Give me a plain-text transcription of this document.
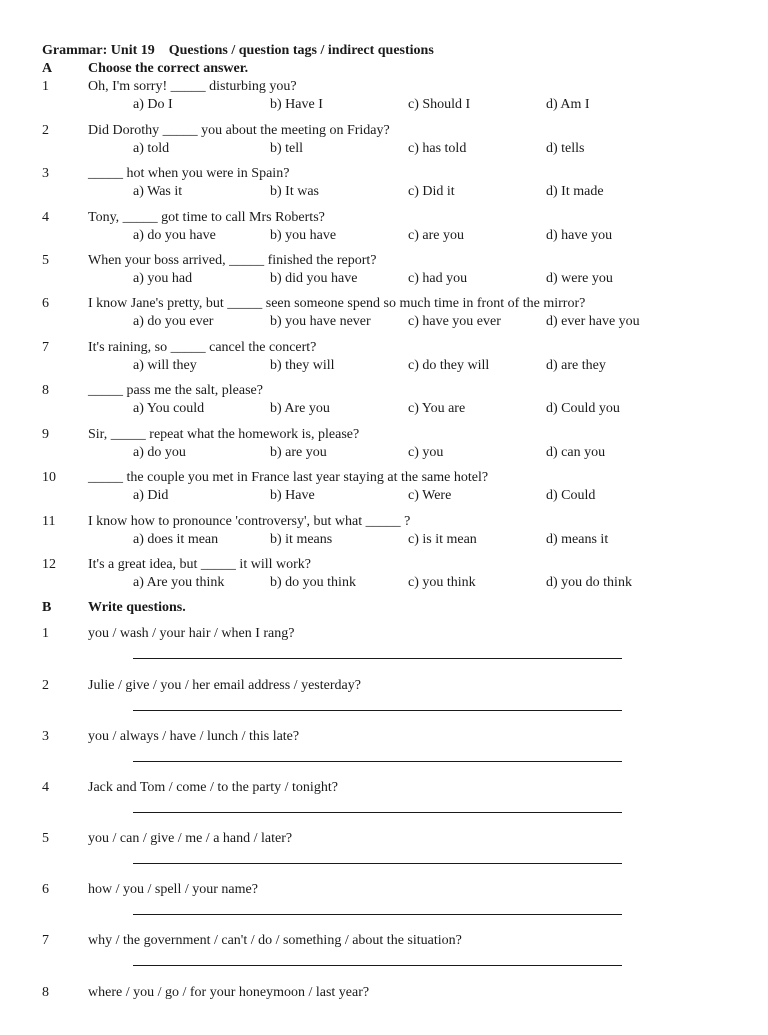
Grammar: Unit 19    Questions / question tags / indirect questions
A	Choose the correct answer.
1	Oh, I'm sorry! _____ disturbing you?
a) Do I	b) Have I	c) Should I	d) Am I
2	Did Dorothy _____ you about the meeting on Friday?
a) told	b) tell	c) has told	d) tells
3	_____ hot when you were in Spain?
a) Was it	b) It was	c) Did it	d) It made
4	Tony, _____ got time to call Mrs Roberts?
a) do you have	b) you have	c) are you	d) have you
5	When your boss arrived, _____ finished the report?
a) you had	b) did you have	c) had you	d) were you
6	I know Jane's pretty, but _____ seen someone spend so much time in front of the mirror?
a) do you ever	b) you have never	c) have you ever	d) ever have you
7	It's raining, so _____ cancel the concert?
a) will they	b) they will	c) do they will	d) are they
8	_____ pass me the salt, please?
a) You could	b) Are you	c) You are	d) Could you
9	Sir, _____ repeat what the homework is, please?
a) do you	b) are you	c) you	d) can you
10 _____ the couple you met in France last year staying at the same hotel?
a) Did	b) Have	c) Were	d) Could
11 I know how to pronounce 'controversy', but what _____ ?
a) does it mean	b) it means	c) is it mean	d) means it
12 It's a great idea, but _____ it will work?
a) Are you think	b) do you think	c) you think	d) you do think
B	Write questions.
1	you / wash / your hair / when I rang?
2	Julie / give / you / her email address / yesterday?
3	you / always / have / lunch / this late?
4	Jack and Tom / come / to the party / tonight?
5	you / can / give / me / a hand / later?
6	how / you / spell / your name?
7	why / the government / can't / do / something / about the situation?
8	where / you / go / for your honeymoon / last year?
